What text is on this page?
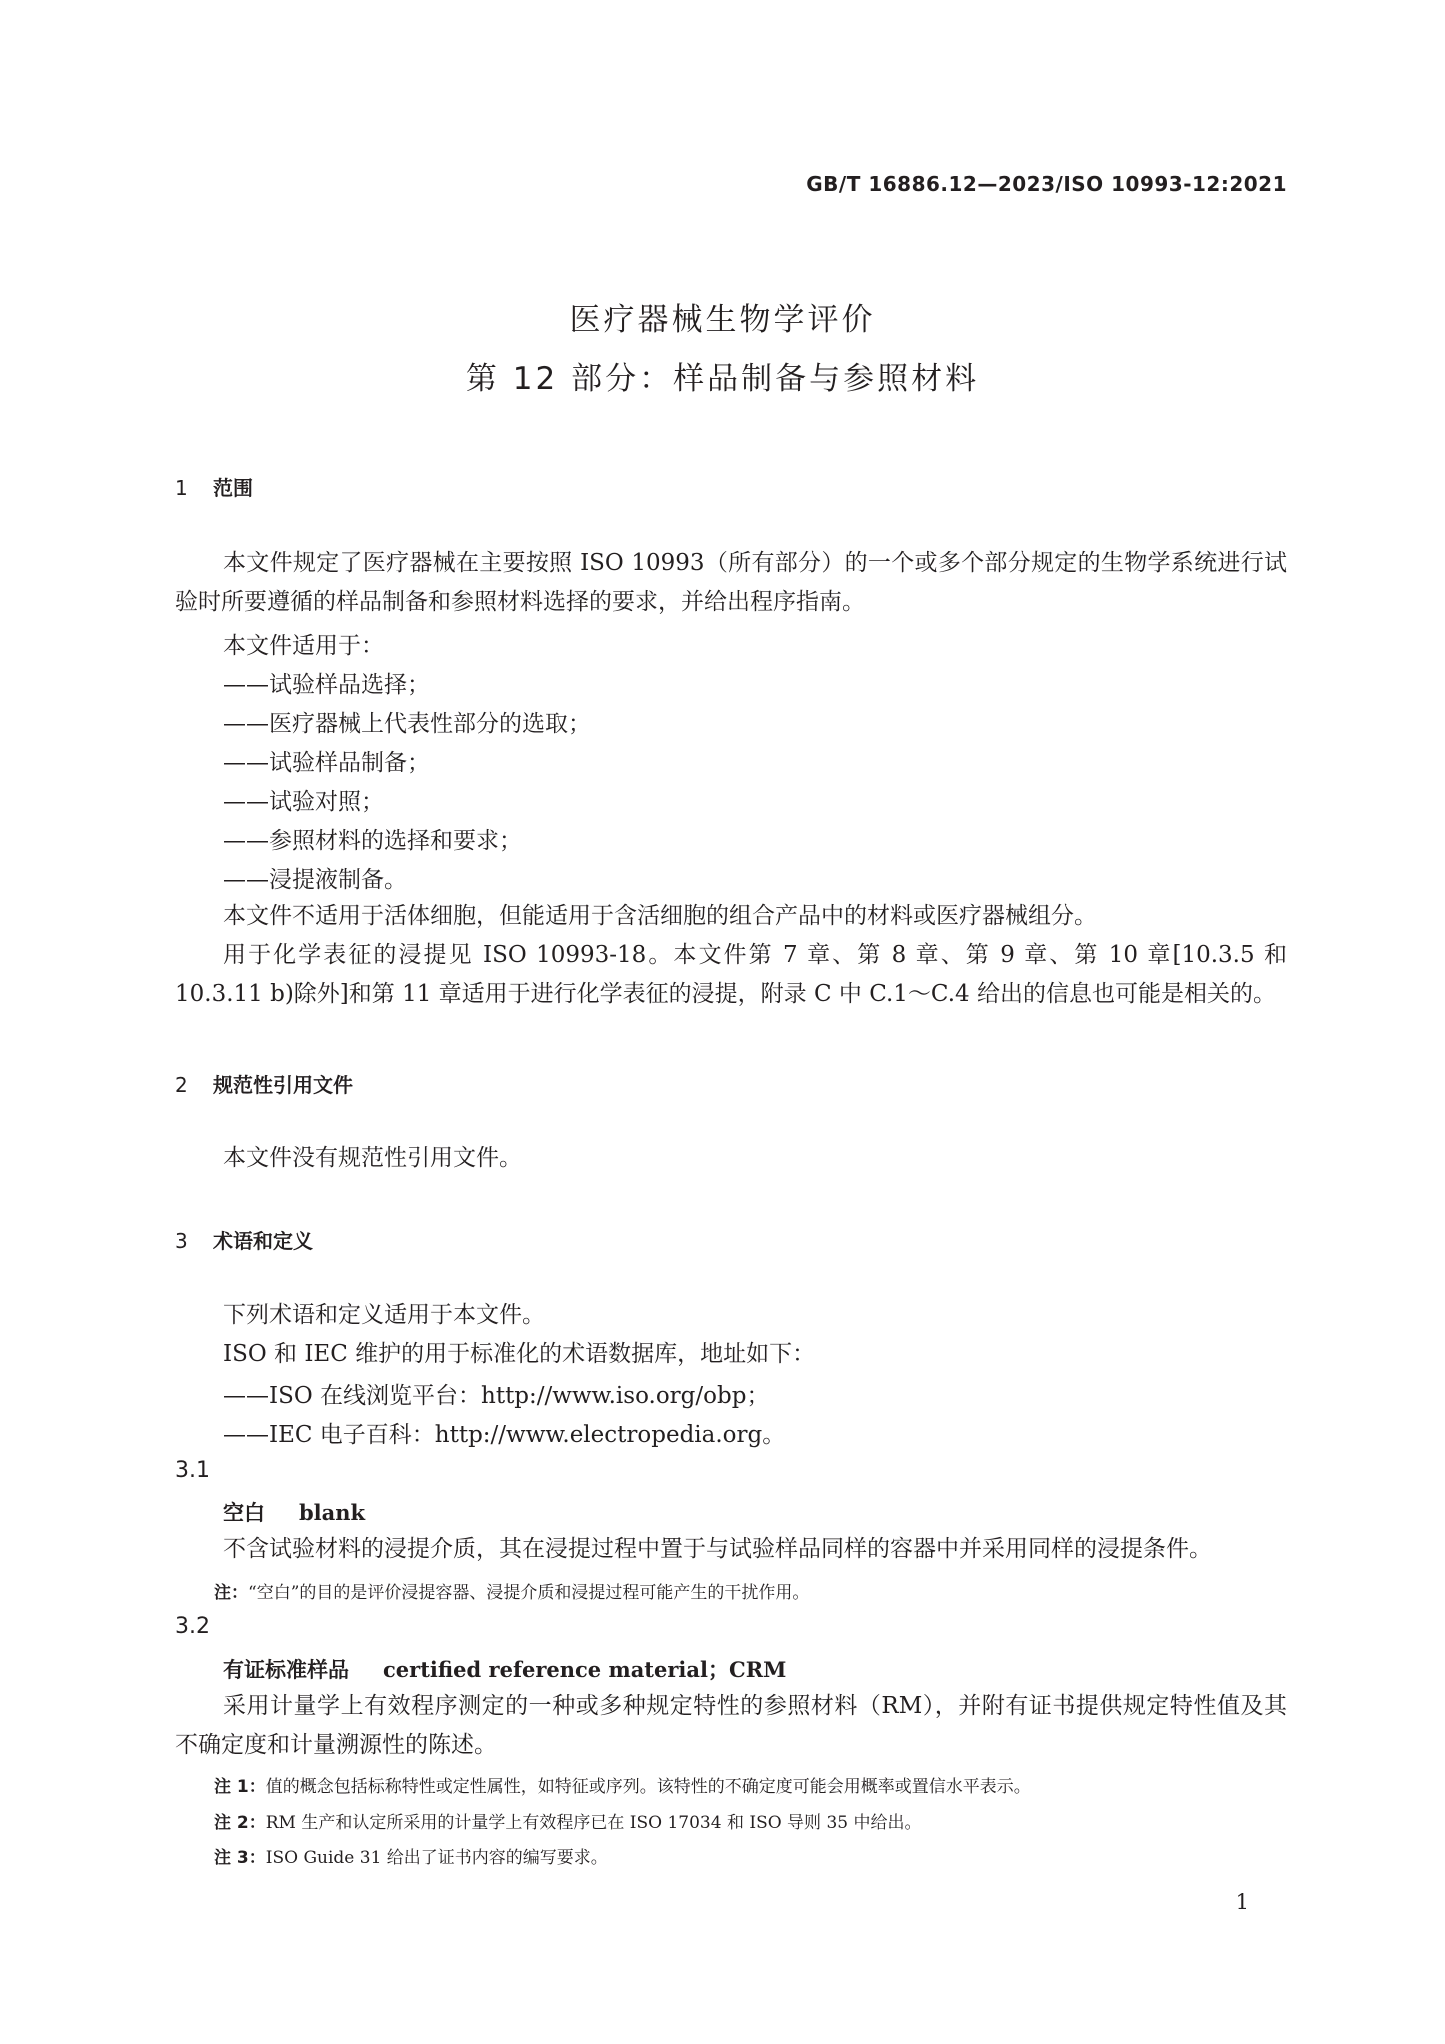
GB/T 16886.12—2023/ISO 10993-12:2021
医疗器械生物学评价
第 12 部分：样品制备与参照材料
1 范围

本文件规定了医疗器械在主要按照 ISO 10993（所有部分）的一个或多个部分规定的生物学系统进行试验时所要遵循的样品制备和参照材料选择的要求，并给出程序指南。

本文件适用于：
——试验样品选择；
——医疗器械上代表性部分的选取；
——试验样品制备；
——试验对照；
——参照材料的选择和要求；
——浸提液制备。

本文件不适用于活体细胞，但能适用于含活细胞的组合产品中的材料或医疗器械组分。

用于化学表征的浸提见 ISO 10993-18。本文件第 7 章、第 8 章、第 9 章、第 10 章[10.3.5 和 10.3.11 b)除外]和第 11 章适用于进行化学表征的浸提，附录 C 中 C.1～C.4 给出的信息也可能是相关的。

2 规范性引用文件

本文件没有规范性引用文件。

3 术语和定义

下列术语和定义适用于本文件。

ISO 和 IEC 维护的用于标准化的术语数据库，地址如下：

——ISO 在线浏览平台：http://www.iso.org/obp；
——IEC 电子百科：http://www.electropedia.org。
3.1
空白 blank

不含试验材料的浸提介质，其在浸提过程中置于与试验样品同样的容器中并采用同样的浸提条件。

注：“空白”的目的是评价浸提容器、浸提介质和浸提过程可能产生的干扰作用。
3.2
有证标准样品 certified reference material；CRM

采用计量学上有效程序测定的一种或多种规定特性的参照材料（RM），并附有证书提供规定特性值及其不确定度和计量溯源性的陈述。

注 1：值的概念包括标称特性或定性属性，如特征或序列。该特性的不确定度可能会用概率或置信水平表示。
注 2：RM 生产和认定所采用的计量学上有效程序已在 ISO 17034 和 ISO 导则 35 中给出。
注 3：ISO Guide 31 给出了证书内容的编写要求。
1
